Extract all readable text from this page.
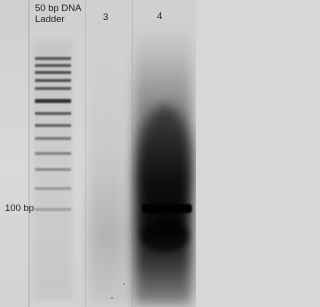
50 bp DNA
Ladder	3	4
100 bp
